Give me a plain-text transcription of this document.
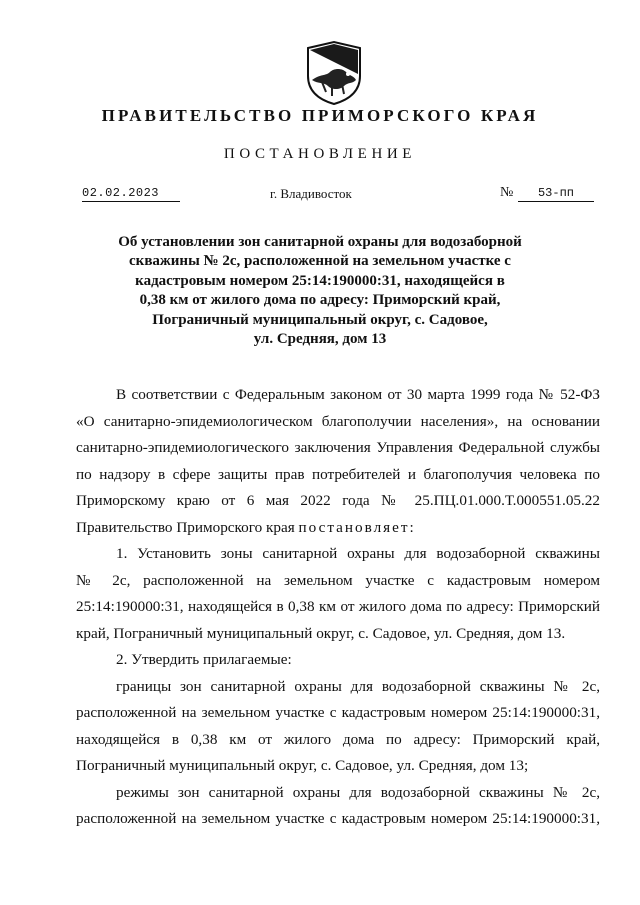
ПРАВИТЕЛЬСТВО ПРИМОРСКОГО КРАЯ
ПОСТАНОВЛЕНИЕ
02.02.2023	г. Владивосток	№	53-пп
Об установлении зон санитарной охраны для водозаборной
скважины № 2с, расположенной на земельном участке с
кадастровым номером 25:14:190000:31, находящейся в
0,38 км от жилого дома по адресу: Приморский край,
Пограничный муниципальный округ, с. Садовое,
ул. Средняя, дом 13
В соответствии с Федеральным законом от 30 марта 1999 года № 52-ФЗ
«О санитарно-эпидемиологическом благополучии населения», на основании
санитарно-эпидемиологического заключения Управления Федеральной службы
по надзору в сфере защиты прав потребителей и благополучия человека по
Приморскому краю от 6 мая 2022 года № 25.ПЦ.01.000.Т.000551.05.22
Правительство Приморского края постановляет:
1. Установить зоны санитарной охраны для водозаборной скважины
№ 2с, расположенной на земельном участке с кадастровым номером
25:14:190000:31, находящейся в 0,38 км от жилого дома по адресу: Приморский
край, Пограничный муниципальный округ, с. Садовое, ул. Средняя, дом 13.
2. Утвердить прилагаемые:
границы зон санитарной охраны для водозаборной скважины № 2с,
расположенной на земельном участке с кадастровым номером 25:14:190000:31,
находящейся в 0,38 км от жилого дома по адресу: Приморский край,
Пограничный муниципальный округ, с. Садовое, ул. Средняя, дом 13;
режимы зон санитарной охраны для водозаборной скважины № 2с,
расположенной на земельном участке с кадастровым номером 25:14:190000:31,
